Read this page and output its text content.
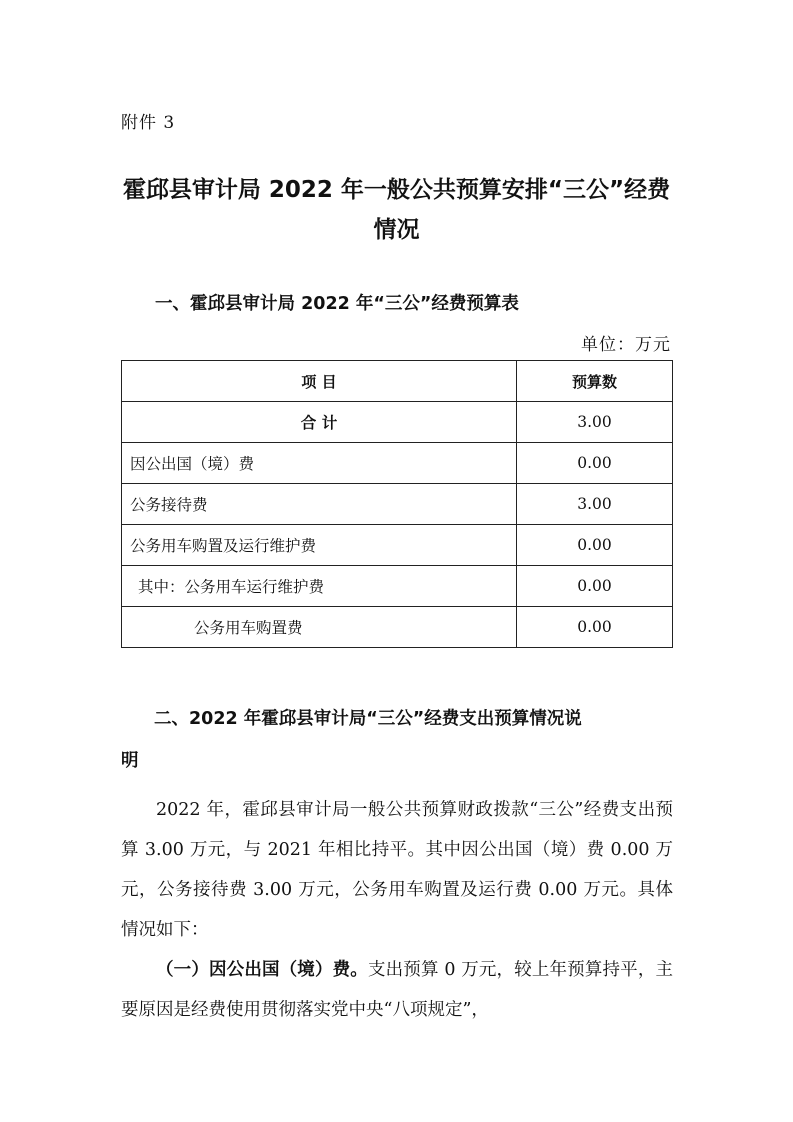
附件 3
霍邱县审计局 2022 年一般公共预算安排“三公”经费
情况
一、霍邱县审计局 2022 年“三公”经费预算表
单位：万元
项 目	预算数
合 计	3.00
因公出国（境）费	0.00
公务接待费	3.00
公务用车购置及运行维护费	0.00
其中：公务用车运行维护费	0.00
公务用车购置费	0.00
二、2022 年霍邱县审计局“三公”经费支出预算情况说
明
2022 年，霍邱县审计局一般公共预算财政拨款“三公”经费支出预算 3.00 万元，与 2021 年相比持平。其中因公出国（境）费 0.00 万元，公务接待费 3.00 万元，公务用车购置及运行费 0.00 万元。具体情况如下：
（一）因公出国（境）费。支出预算 0 万元，较上年预算持平，主要原因是经费使用贯彻落实党中央“八项规定”，
